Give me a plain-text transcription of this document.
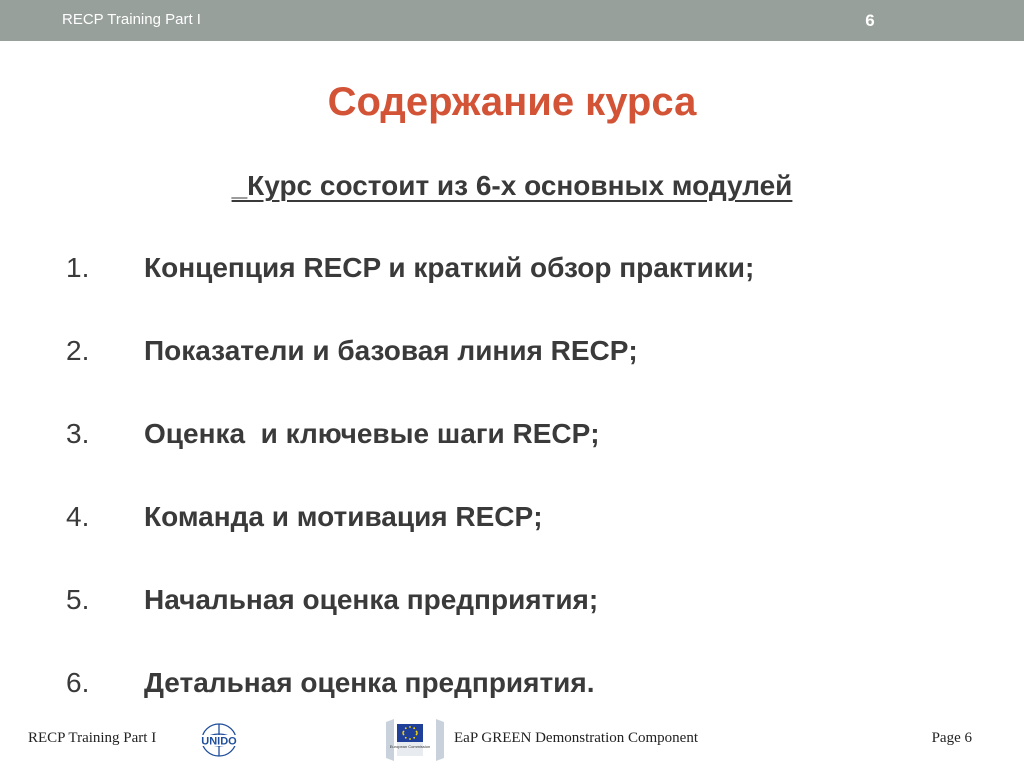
RECP Training Part I	6
Содержание курса
_Курс состоит из 6-х основных модулей
1.	Концепция RECP и краткий обзор практики;
2.	Показатели и базовая линия RECP;
3.	Оценка  и ключевые шаги RECP;
4.	Команда и мотивация RECP;
5.	Начальная оценка предприятия;
6.	Детальная оценка предприятия.
RECP Training Part I	UNIDO	European Commission
EaP GREEN Demonstration Component	Page 6
